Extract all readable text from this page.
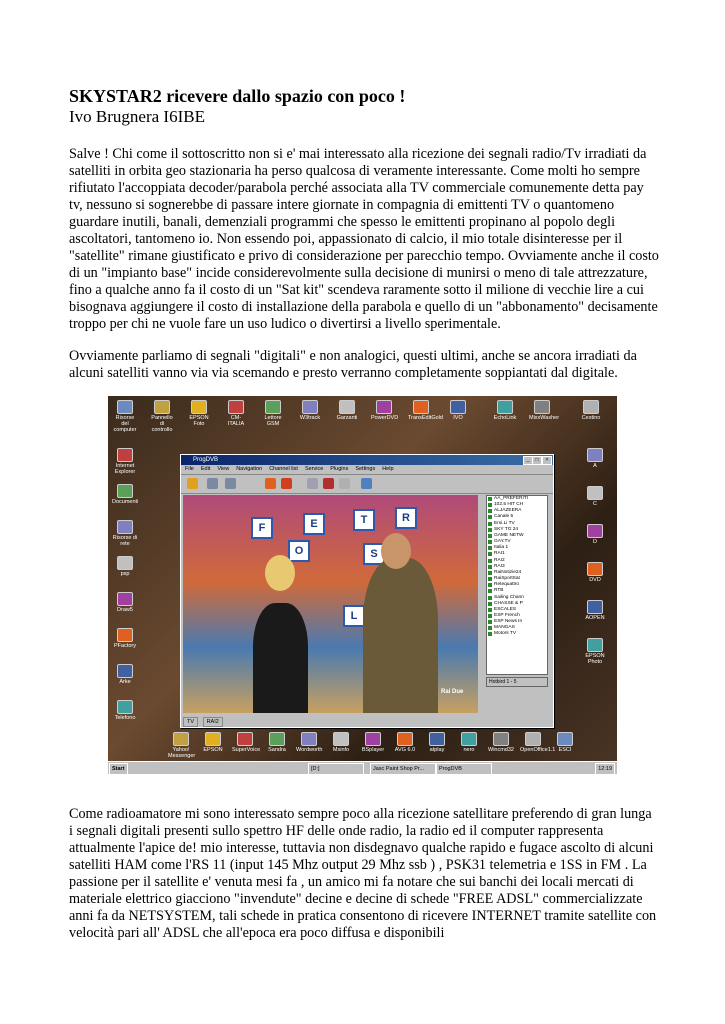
SKYSTAR2 ricevere dallo spazio con poco !
Ivo Brugnera I6IBE

Salve ! Chi come il sottoscritto non si e' mai interessato alla ricezione dei segnali radio/Tv irradiati da satelliti in orbita geo stazionaria ha perso qualcosa di veramente interessante. Come molti ho sempre rifiutato l'accoppiata decoder/parabola perché associata alla TV commerciale comunemente detta pay tv, nessuno si sognerebbe di passare intere giornate in compagnia di emittenti TV o quantomeno guardare inutili, banali, demenziali programmi che spesso le emittenti propinano al popolo degli ascoltatori, tantomeno io. Non essendo poi, appassionato di calcio, il mio totale disinteresse per il "satellite" rimane giustificato e privo di considerazione per parecchio tempo. Ovviamente anche il costo di un "impianto base" incide considerevolmente sulla decisione di munirsi o meno di tale attrezzature, fino a qualche anno fa il costo di un "Sat kit" scendeva raramente sotto il milione di vecchie lire a cui bisognava aggiungere il costo di installazione della parabola e quello di un "abbonamento" decisamente troppo per chi ne vuole fare un uso ludico o divertirsi a livello sperimentale.

Ovviamente parliamo di segnali "digitali" e non analogici, questi ultimi, anche se ancora irradiati da alcuni satelliti vanno via via scemando e presto verranno completamente soppiantati dal digitale.

Risorse del computer
Pannello di controllo
EPSON Foto
CM-ITALIA
Lettore GSM
W3track	Garzanti	PowerDVD TransEditGold	IVO	EchoLink	MixxWasher	Cestino
Internet Explorer
Documenti
Risorse di rete
psp
Draw5
PFactory
Arke
Telefono
A
C
D
DVD
AOPEN
EPSON Photo
ProgDVB	_	□	×
File Edit View Navigation Channel list Service Plugins Settings Help
F	E	T	R
O	S
L
Rai Due
AA_PREFERITI
102.5 HIT CH
ALJAZEERA
Canale 5
Emi.Li TV
SKY TG 24
GAME NETW
GAY.TV
Italia 1
RAI1
RAI2
RAI3
RaiNotizie24
RaiSportSat
Retequattro
RTB
Sailing Chann
CHASSE & P
ESCALES
ESP French
ESP News In
MANGAS
Motors TV
Hotbird 1 - 5
TV RAI2
Yahoo! Messenger
EPSON	SuperVoice	Sandra	Wordworth	Msinfo	BSplayer	AVG 6.0	atplay	nero	Wincmd32 OpenOffice1.1 ESCI
Start	[D:]	Jasc Paint Shop Pr...	ProgDVB	12:19

Come radioamatore mi sono interessato sempre poco alla ricezione satellitare preferendo di gran lunga i segnali digitali presenti sullo spettro HF delle onde radio, la radio ed il computer rappresenta attualmente l'apice de! mio interesse, tuttavia non disdegnavo qualche rapido e fugace ascolto di alcuni satelliti HAM come l'RS 11 (input 145 Mhz output 29 Mhz ssb ) , PSK31 telemetria e 1SS in FM . La passione per il satellite e' venuta mesi fa , un amico mi fa notare che sui banchi dei locali mercati di materiale elettrico giacciono "invendute" decine e decine di schede "FREE ADSL" commercializzate anni fa da NETSYSTEM, tali schede in pratica consentono di ricevere INTERNET tramite satellite con velocità pari all' ADSL che all'epoca era poco diffusa e disponibili
